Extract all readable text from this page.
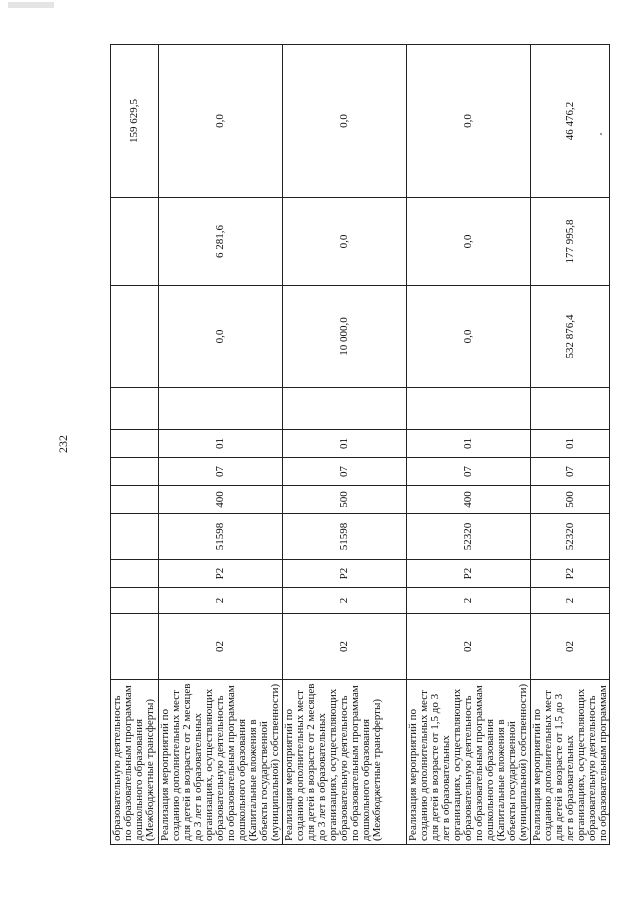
232
образовательную деятельность по образовательным программам дошкольного образования (Межбюджетные трансферты)											159 629,5
Реализация мероприятий по созданию дополнительных мест для детей в возрасте от 2 месяцев до 3 лет в образовательных организациях, осуществляющих образовательную деятельность по образовательным программам дошкольного образования (Капитальные вложения в объекты государственной (муниципальной) собственности)	02	2	Р2	51598	400	07	01		0,0	6 281,6	0,0
Реализация мероприятий по созданию дополнительных мест для детей в возрасте от 2 месяцев до 3 лет в образовательных организациях, осуществляющих образовательную деятельность по образовательным программам дошкольного образования (Межбюджетные трансферты)	02	2	Р2	51598	500	07	01		10 000,0	0,0	0,0
Реализация мероприятий по созданию дополнительных мест для детей в возрасте от 1,5 до 3 лет в образовательных организациях, осуществляющих образовательную деятельность по образовательным программам дошкольного образования (Капитальные вложения в объекты государственной (муниципальной) собственности)	02	2	Р2	52320	400	07	01		0,0	0,0	0,0
Реализация мероприятий по созданию дополнительных мест для детей в возрасте от 1,5 до 3 лет в образовательных организациях, осуществляющих образовательную деятельность по образовательным программам	02	2	Р2	52320	500	07	01		532 876,4	177 995,8	46 476,2
